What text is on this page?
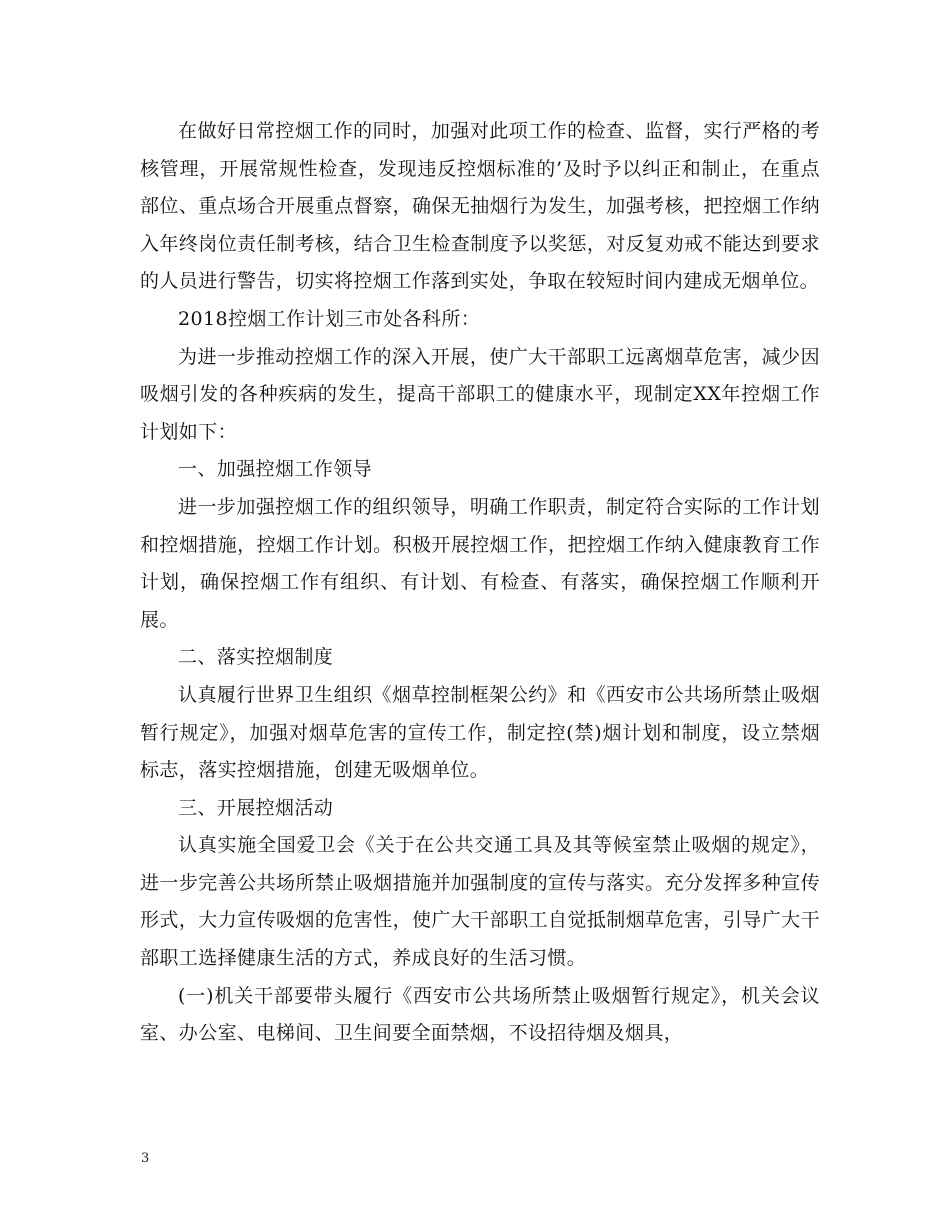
在做好日常控烟工作的同时，加强对此项工作的检查、监督，实行严格的考核管理，开展常规性检查，发现违反控烟标准的’及时予以纠正和制止，在重点部位、重点场合开展重点督察，确保无抽烟行为发生，加强考核，把控烟工作纳入年终岗位责任制考核，结合卫生检查制度予以奖惩，对反复劝戒不能达到要求的人员进行警告，切实将控烟工作落到实处，争取在较短时间内建成无烟单位。

2018控烟工作计划三市处各科所：

为进一步推动控烟工作的深入开展，使广大干部职工远离烟草危害，减少因吸烟引发的各种疾病的发生，提高干部职工的健康水平，现制定XX年控烟工作计划如下：

一、加强控烟工作领导

进一步加强控烟工作的组织领导，明确工作职责，制定符合实际的工作计划和控烟措施，控烟工作计划。积极开展控烟工作，把控烟工作纳入健康教育工作计划，确保控烟工作有组织、有计划、有检查、有落实，确保控烟工作顺利开展。

二、落实控烟制度

认真履行世界卫生组织《烟草控制框架公约》和《西安市公共场所禁止吸烟暂行规定》，加强对烟草危害的宣传工作，制定控(禁)烟计划和制度，设立禁烟标志，落实控烟措施，创建无吸烟单位。

三、开展控烟活动

认真实施全国爱卫会《关于在公共交通工具及其等候室禁止吸烟的规定》，进一步完善公共场所禁止吸烟措施并加强制度的宣传与落实。充分发挥多种宣传形式，大力宣传吸烟的危害性，使广大干部职工自觉抵制烟草危害，引导广大干部职工选择健康生活的方式，养成良好的生活习惯。

(一)机关干部要带头履行《西安市公共场所禁止吸烟暂行规定》，机关会议室、办公室、电梯间、卫生间要全面禁烟，不设招待烟及烟具，

3
